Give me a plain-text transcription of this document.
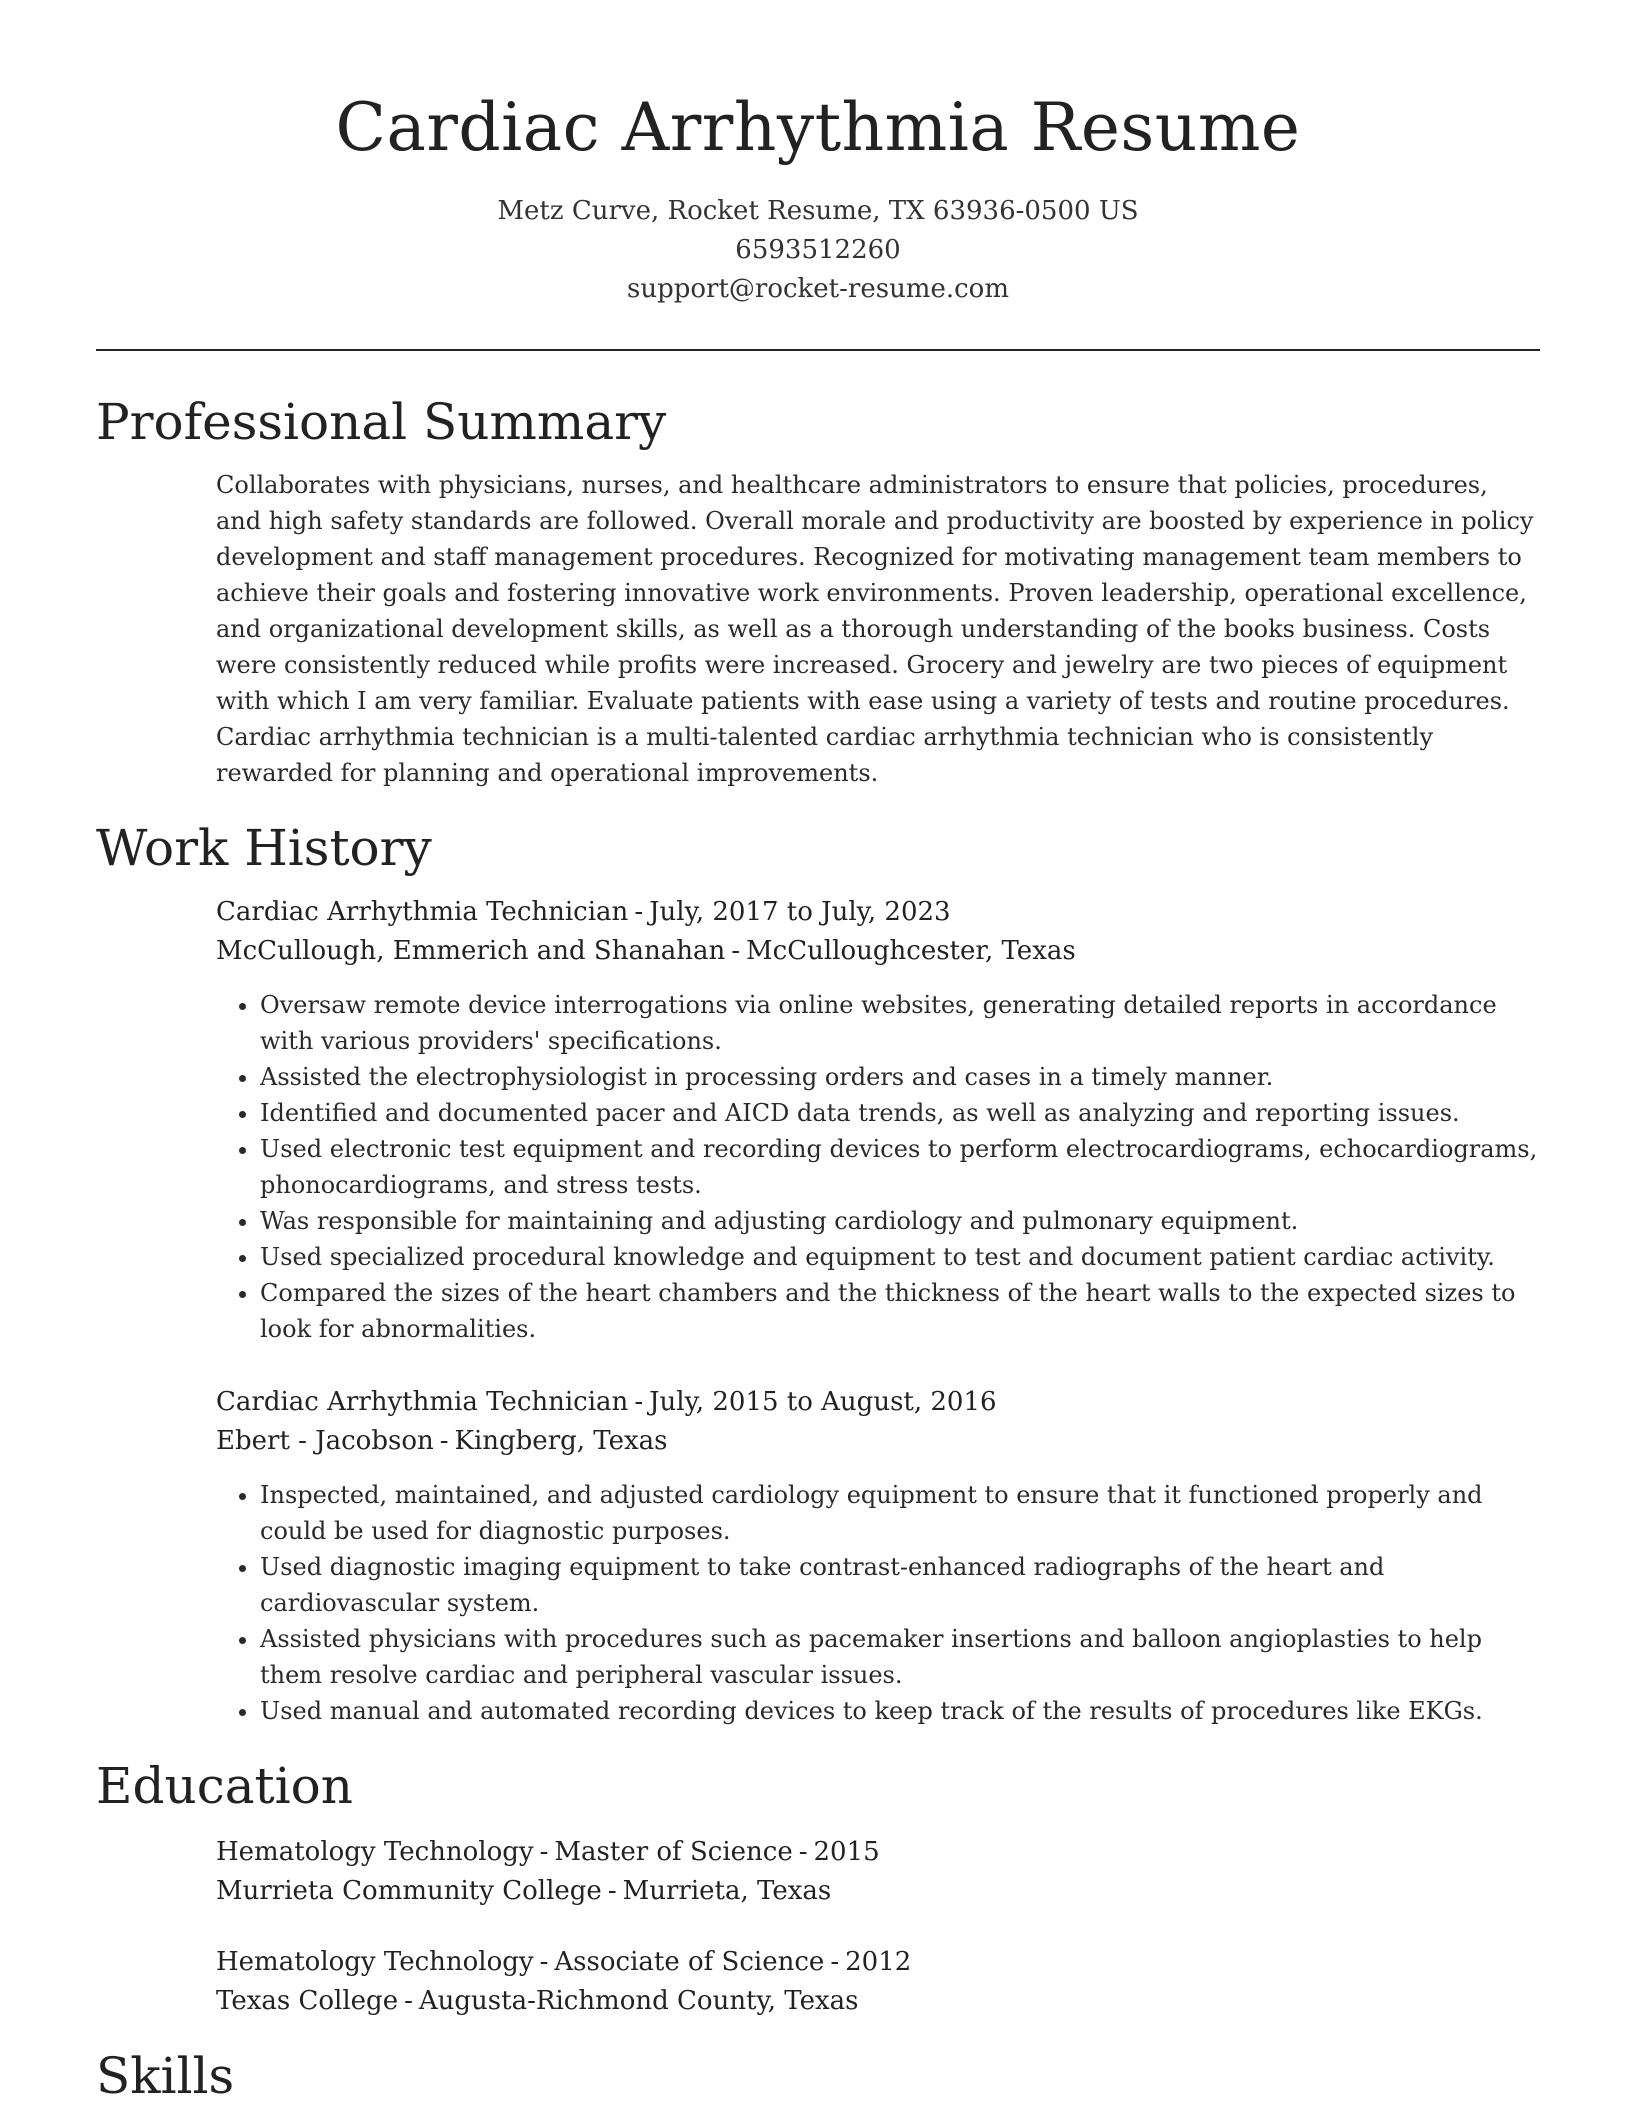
Cardiac Arrhythmia Resume
Metz Curve, Rocket Resume, TX 63936-0500 US
6593512260
support@rocket-resume.com
Professional Summary

Collaborates with physicians, nurses, and healthcare administrators to ensure that policies, procedures, and high safety standards are followed. Overall morale and productivity are boosted by experience in policy development and staff management procedures. Recognized for motivating management team members to achieve their goals and fostering innovative work environments. Proven leadership, operational excellence, and organizational development skills, as well as a thorough understanding of the books business. Costs were consistently reduced while profits were increased. Grocery and jewelry are two pieces of equipment with which I am very familiar. Evaluate patients with ease using a variety of tests and routine procedures. Cardiac arrhythmia technician is a multi-talented cardiac arrhythmia technician who is consistently rewarded for planning and operational improvements.

Work History

Cardiac Arrhythmia Technician - July, 2017 to July, 2023

McCullough, Emmerich and Shanahan - McCulloughcester, Texas

• Oversaw remote device interrogations via online websites, generating detailed reports in accordance with various providers' specifications.
• Assisted the electrophysiologist in processing orders and cases in a timely manner.
• Identified and documented pacer and AICD data trends, as well as analyzing and reporting issues.
• Used electronic test equipment and recording devices to perform electrocardiograms, echocardiograms, phonocardiograms, and stress tests.
• Was responsible for maintaining and adjusting cardiology and pulmonary equipment.
• Used specialized procedural knowledge and equipment to test and document patient cardiac activity.
• Compared the sizes of the heart chambers and the thickness of the heart walls to the expected sizes to look for abnormalities.

Cardiac Arrhythmia Technician - July, 2015 to August, 2016

Ebert - Jacobson - Kingberg, Texas

• Inspected, maintained, and adjusted cardiology equipment to ensure that it functioned properly and could be used for diagnostic purposes.
• Used diagnostic imaging equipment to take contrast-enhanced radiographs of the heart and cardiovascular system.
• Assisted physicians with procedures such as pacemaker insertions and balloon angioplasties to help them resolve cardiac and peripheral vascular issues.
• Used manual and automated recording devices to keep track of the results of procedures like EKGs.
Education

Hematology Technology - Master of Science - 2015

Murrieta Community College - Murrieta, Texas

Hematology Technology - Associate of Science - 2012

Texas College - Augusta-Richmond County, Texas

Skills
